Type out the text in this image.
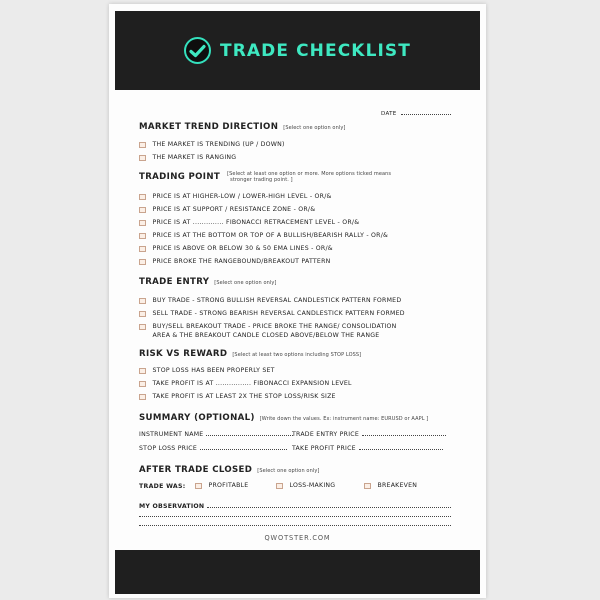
TRADE CHECKLIST
DATE
MARKET TREND DIRECTION [Select one option only]
THE MARKET IS TRENDING (UP / DOWN)
THE MARKET IS RANGING
TRADING POINT [Select at least one option or more. More options ticked means
stronger trading point. ]
PRICE IS AT HIGHER-LOW / LOWER-HIGH LEVEL - OR/&
PRICE IS AT SUPPORT / RESISTANCE ZONE - OR/&
PRICE IS AT .............. FIBONACCI RETRACEMENT LEVEL - OR/&
PRICE IS AT THE BOTTOM OR TOP OF A BULLISH/BEARISH RALLY - OR/&
PRICE IS ABOVE OR BELOW 30 & 50 EMA LINES - OR/&
PRICE BROKE THE RANGEBOUND/BREAKOUT PATTERN
TRADE ENTRY [Select one option only]
BUY TRADE - STRONG BULLISH REVERSAL CANDLESTICK PATTERN FORMED
SELL TRADE - STRONG BEARISH REVERSAL CANDLESTICK PATTERN FORMED
BUY/SELL BREAKOUT TRADE - PRICE BROKE THE RANGE/ CONSOLIDATION
AREA & THE BREAKOUT CANDLE CLOSED ABOVE/BELOW THE RANGE
RISK VS REWARD [Select at least two options including STOP LOSS]
STOP LOSS HAS BEEN PROPERLY SET
TAKE PROFIT IS AT ................ FIBONACCI EXPANSION LEVEL
TAKE PROFIT IS AT LEAST 2X THE STOP LOSS/RISK SIZE
SUMMARY (OPTIONAL) [Write down the values. Ex: instrument name: EURUSD or AAPL ]
INSTRUMENT NAME	TRADE ENTRY PRICE
STOP LOSS PRICE	TAKE PROFIT PRICE
AFTER TRADE CLOSED [Select one option only]
TRADE WAS:	PROFITABLE	LOSS-MAKING	BREAKEVEN
MY OBSERVATION
QWOTSTER.COM
